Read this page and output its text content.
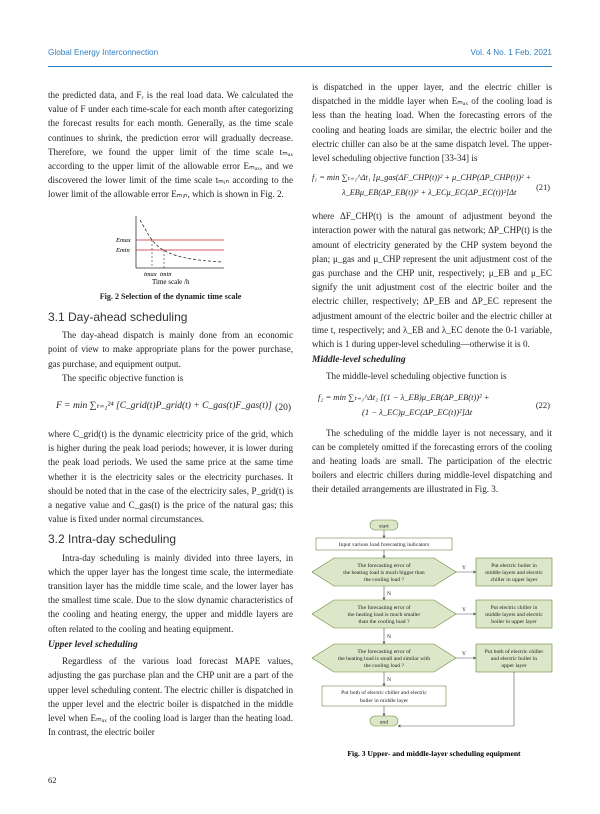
Global Energy Interconnection	Vol. 4 No. 1 Feb. 2021

the predicted data, and Fᵣ is the real load data. We calculated the value of F under each time-scale for each month after categorizing the forecast results for each month. Generally, as the time scale continues to shrink, the prediction error will gradually decrease. Therefore, we found the upper limit of the time scale tₘₐₓ according to the upper limit of the allowable error Eₘₐₓ, and we discovered the lower limit of the time scale tₘᵢₙ according to the lower limit of the allowable error Eₘᵢₙ, which is shown in Fig. 2.

Emax
Emin
tmax tmin
Time scale /h
Fig. 2 Selection of the dynamic time scale
3.1 Day-ahead scheduling

The day-ahead dispatch is mainly done from an economic point of view to make appropriate plans for the power purchase, gas purchase, and equipment output.

The specific objective function is

F = min ∑ₜ₌₁²⁴ [C_grid(t)P_grid(t) + C_gas(t)F_gas(t)] (20)

where C_grid(t) is the dynamic electricity price of the grid, which is higher during the peak load periods; however, it is lower during the peak load periods. We used the same price at the same time whether it is the electricity sales or the electricity purchases. It should be noted that in the case of the electricity sales, P_grid(t) is a negative value and C_gas(t) is the price of the natural gas; this value is fixed under normal circumstances.

3.2 Intra-day scheduling

Intra-day scheduling is mainly divided into three layers, in which the upper layer has the longest time scale, the intermediate transition layer has the middle time scale, and the lower layer has the smallest time scale. Due to the slow dynamic characteristics of the cooling and heating energy, the upper and middle layers are often related to the cooling and heating equipment.

Upper level scheduling

Regardless of the various load forecast MAPE values, adjusting the gas purchase plan and the CHP unit are a part of the upper level scheduling content. The electric chiller is dispatched in the upper level and the electric boiler is dispatched in the middle level when Eₘₐₓ of the cooling load is larger than the heating load. In contrast, the electric boiler

is dispatched in the upper layer, and the electric chiller is dispatched in the middle layer when Eₘₐₓ of the cooling load is less than the heating load. When the forecasting errors of the cooling and heating loads are similar, the electric boiler and the electric chiller can also be at the same dispatch level. The upper-level scheduling objective function [33-34] is

f₁ = min ∑ₜ₌₁^Δt₁ [μ_gas(ΔF_CHP(t))² + μ_CHP(ΔP_CHP(t))² +
λ_EBμ_EB(ΔP_EB(t))² + λ_ECμ_EC(ΔP_EC(t))²]Δt
(21)

where ΔF_CHP(t) is the amount of adjustment beyond the interaction power with the natural gas network; ΔP_CHP(t) is the amount of electricity generated by the CHP system beyond the plan; μ_gas and μ_CHP represent the unit adjustment cost of the gas purchase and the CHP unit, respectively; μ_EB and μ_EC signify the unit adjustment cost of the electric boiler and the electric chiller, respectively; ΔP_EB and ΔP_EC represent the adjustment amount of the electric boiler and the electric chiller at time t, respectively; and λ_EB and λ_EC denote the 0-1 variable, which is 1 during upper-level scheduling—otherwise it is 0.

Middle-level scheduling

The middle-level scheduling objective function is

f₂ = min ∑ₜ₌₁^Δt₂ [(1 − λ_EB)μ_EB(ΔP_EB(t))² +
(1 − λ_EC)μ_EC(ΔP_EC(t))²]Δt
(22)

The scheduling of the middle layer is not necessary, and it can be completely omitted if the forecasting errors of the cooling and heating loads are small. The participation of the electric boilers and electric chillers during middle-level dispatching and their detailed arrangements are illustrated in Fig. 3.

start
Input various load forecasting indicators
The forecasting error of
the heating load is much bigger than
the cooling load ?
Y	Put electric boiler in
middle layers and electric
chiller in upper layer
N
The forecasting error of
the heating load is much smaller
than the cooling load ?
Y	Put electric chiller in
middle layers and electric
boiler in upper layer
N
The forecasting error of
the heating load is small and similar with
the cooling load ?
Y	Put both of electric chiller
and electric boiler in
upper layer
N
Put both of electric chiller and electric
boiler in middle layer
end
Fig. 3 Upper- and middle-layer scheduling equipment
62
